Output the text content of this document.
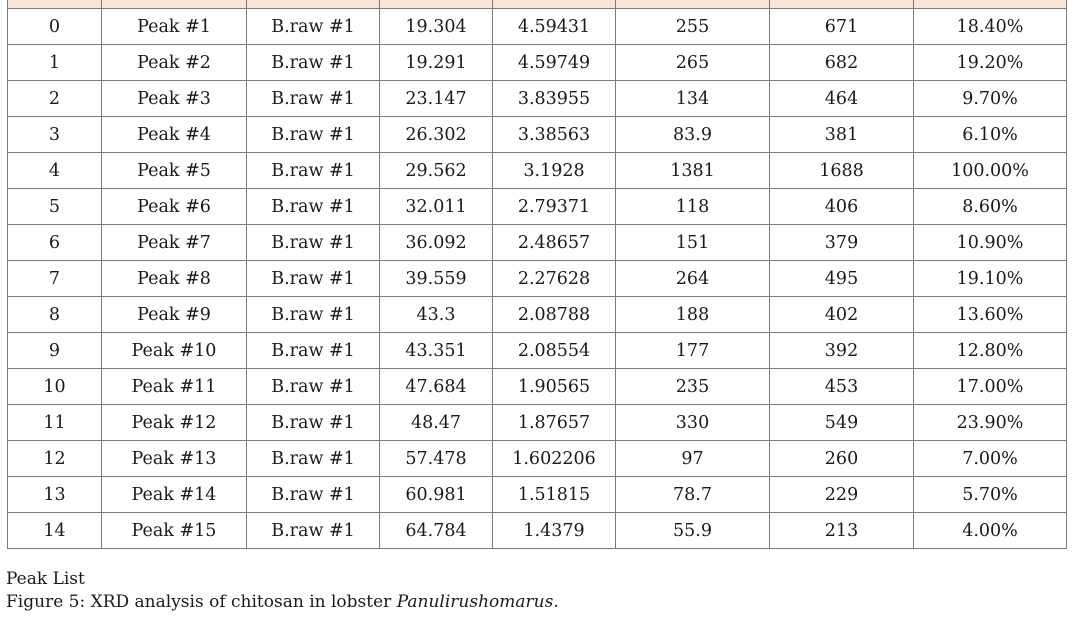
0	Peak #1	B.raw #1	19.304	4.59431	255	671	18.40%
1	Peak #2	B.raw #1	19.291	4.59749	265	682	19.20%
2	Peak #3	B.raw #1	23.147	3.83955	134	464	9.70%
3	Peak #4	B.raw #1	26.302	3.38563	83.9	381	6.10%
4	Peak #5	B.raw #1	29.562	3.1928	1381	1688	100.00%
5	Peak #6	B.raw #1	32.011	2.79371	118	406	8.60%
6	Peak #7	B.raw #1	36.092	2.48657	151	379	10.90%
7	Peak #8	B.raw #1	39.559	2.27628	264	495	19.10%
8	Peak #9	B.raw #1	43.3	2.08788	188	402	13.60%
9	Peak #10	B.raw #1	43.351	2.08554	177	392	12.80%
10	Peak #11	B.raw #1	47.684	1.90565	235	453	17.00%
11	Peak #12	B.raw #1	48.47	1.87657	330	549	23.90%
12	Peak #13	B.raw #1	57.478	1.602206	97	260	7.00%
13	Peak #14	B.raw #1	60.981	1.51815	78.7	229	5.70%
14	Peak #15	B.raw #1	64.784	1.4379	55.9	213	4.00%
Peak List
Figure 5: XRD analysis of chitosan in lobster Panulirushomarus.
